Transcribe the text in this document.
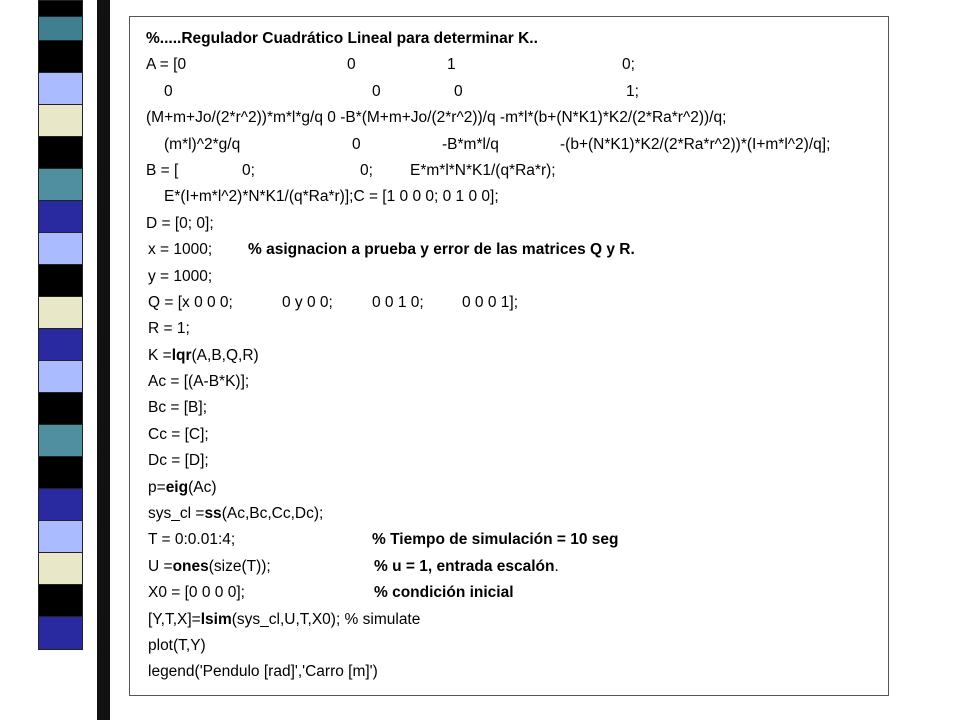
%.....Regulador Cuadrático Lineal para determinar K..
A = [0	0	1	0;
0	0	0	1;
(M+m+Jo/(2*r^2))*m*l*g/q 0 -B*(M+m+Jo/(2*r^2))/q -m*l*(b+(N*K1)*K2/(2*Ra*r^2))/q;
(m*l)^2*g/q	0	-B*m*l/q	-(b+(N*K1)*K2/(2*Ra*r^2))*(I+m*l^2)/q];
B = [	0;	0; E*m*l*N*K1/(q*Ra*r);
E*(I+m*l^2)*N*K1/(q*Ra*r)];C = [1 0 0 0; 0 1 0 0];
D = [0; 0];
x = 1000; % asignacion a prueba y error de las matrices Q y R.
y = 1000;
Q = [x 0 0 0;	0 y 0 0;	0 0 1 0; 0 0 0 1];
R = 1;
K = lqr (A,B,Q,R)
Ac = [(A-B*K)];
Bc = [B];
Cc = [C];
Dc = [D];
p= eig (Ac)
sys_cl = ss (Ac,Bc,Cc,Dc);
T = 0:0.01:4;	% Tiempo de simulación = 10 seg
U = ones (size(T));	% u = 1, entrada escalón .
X0 = [0 0 0 0];	% condición inicial
[Y,T,X]= lsim (sys_cl,U,T,X0); % simulate
plot(T,Y)
legend('Pendulo [rad]','Carro [m]')
